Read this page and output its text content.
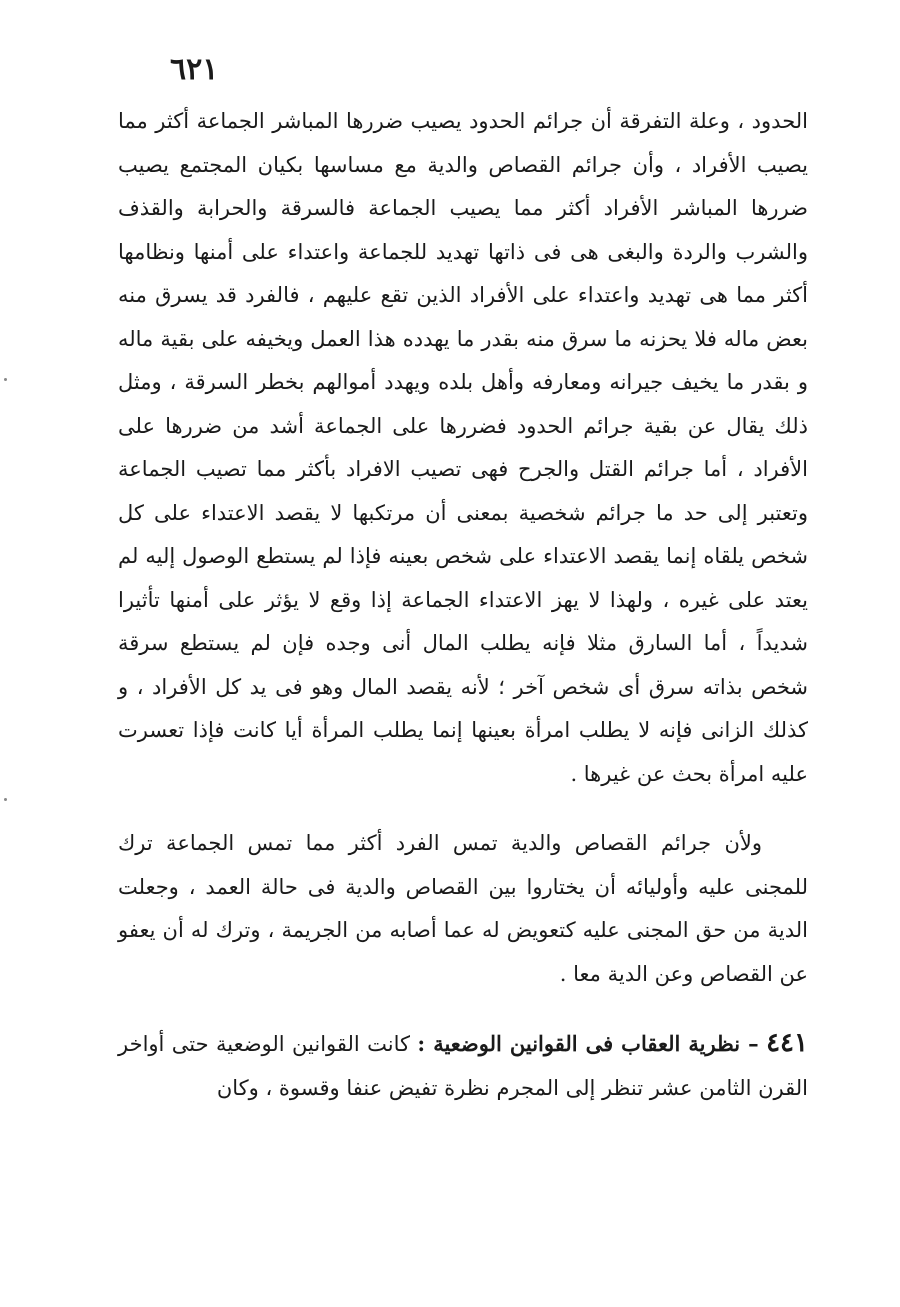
٦٢١

الحدود ، وعلة التفرقة أن جرائم الحدود يصيب ضررها المباشر الجماعة أكثر مما يصيب الأفراد ، وأن جرائم القصاص والدية مع مساسها بكيان المجتمع يصيب ضررها المباشر الأفراد أكثر مما يصيب الجماعة فالسرقة والحرابة والقذف والشرب والردة والبغى هى فى ذاتها تهديد للجماعة واعتداء على أمنها ونظامها أكثر مما هى تهديد واعتداء على الأفراد الذين تقع عليهم ، فالفرد قد يسرق منه بعض ماله فلا يحزنه ما سرق منه بقدر ما يهدده هذا العمل ويخيفه على بقية ماله و بقدر ما يخيف جيرانه ومعارفه وأهل بلده ويهدد أموالهم بخطر السرقة ، ومثل ذلك يقال عن بقية جرائم الحدود فضررها على الجماعة أشد من ضررها على الأفراد ، أما جرائم القتل والجرح فهى تصيب الافراد بأكثر مما تصيب الجماعة وتعتبر إلى حد ما جرائم شخصية بمعنى أن مرتكبها لا يقصد الاعتداء على كل شخص يلقاه إنما يقصد الاعتداء على شخص بعينه فإذا لم يستطع الوصول إليه لم يعتد على غيره ، ولهذا لا يهز الاعتداء الجماعة إذا وقع لا يؤثر على أمنها تأثيرا شديداً ، أما السارق مثلا فإنه يطلب المال أنى وجده فإن لم يستطع سرقة شخص بذاته سرق أى شخص آخر ؛ لأنه يقصد المال وهو فى يد كل الأفراد ، و كذلك الزانى فإنه لا يطلب امرأة بعينها إنما يطلب المرأة أيا كانت فإذا تعسرت عليه امرأة بحث عن غيرها .

ولأن جرائم القصاص والدية تمس الفرد أكثر مما تمس الجماعة ترك للمجنى عليه وأوليائه أن يختاروا بين القصاص والدية فى حالة العمد ، وجعلت الدية من حق المجنى عليه كتعويض له عما أصابه من الجريمة ، وترك له أن يعفو عن القصاص وعن الدية معا .

٤٤١ – نظرية العقاب فى القوانين الوضعية : كانت القوانين الوضعية حتى أواخر القرن الثامن عشر تنظر إلى المجرم نظرة تفيض عنفا وقسوة ، وكان
